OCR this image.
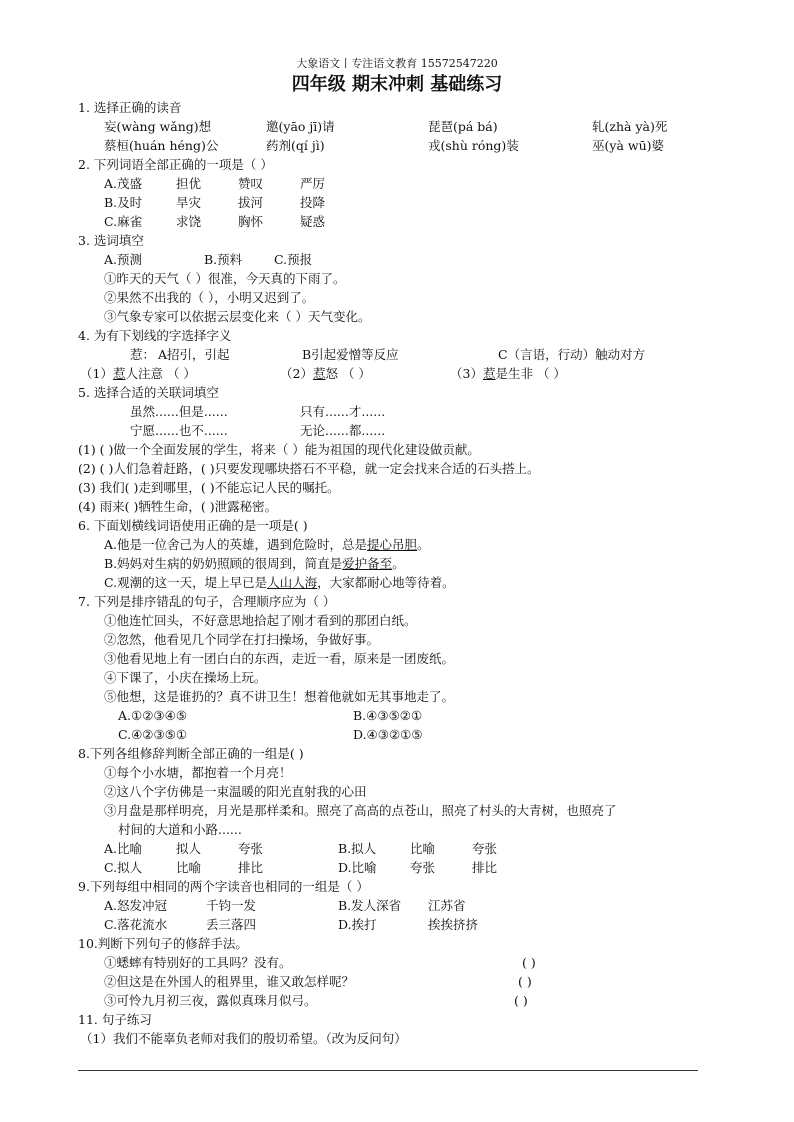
大象语文丨专注语文教育 15572547220
四年级 期末冲刺 基础练习
1. 选择正确的读音
妄(wàng wǎng)想	邀(yāo jī)请	琵琶(pá bá)	轧(zhà yà)死
蔡桓(huán héng)公	药剂(qí jì)	戎(shù róng)装	巫(yà wū)婆
2. 下列词语全部正确的一项是（ ）
A.茂盛	担优	赞叹	严厉
B.及时	旱灾	拔河	投降
C.麻雀	求饶	胸怀	疑惑
3. 选词填空
A.预测	B.预料	C.预报
①昨天的天气（ ）很准，今天真的下雨了。
②果然不出我的（ ），小明又迟到了。
③气象专家可以依据云层变化来（ ）天气变化。
4. 为有下划线的字选择字义
惹： A招引，引起	B引起爱憎等反应	C（言语，行动）触动对方
（1）惹人注意 （ ）	（2）惹怒 （ ）	（3）惹是生非 （ ）
5. 选择合适的关联词填空
虽然......但是......	只有......才......
宁愿......也不......	无论......都......
(1) ( )做一个全面发展的学生，将来（ ）能为祖国的现代化建设做贡献。
(2) ( )人们急着赶路，( )只要发现哪块搭石不平稳，就一定会找来合适的石头搭上。
(3) 我们( )走到哪里，( )不能忘记人民的嘱托。
(4) 雨来( )牺牲生命，( )泄露秘密。
6. 下面划横线词语使用正确的是一项是( )
A.他是一位舍己为人的英雄，遇到危险时，总是提心吊胆。
B.妈妈对生病的奶奶照顾的很周到，简直是爱护备至。
C.观潮的这一天，堤上早已是人山人海，大家都耐心地等待着。
7. 下列是排序错乱的句子，合理顺序应为（ ）
①他连忙回头，不好意思地拾起了刚才看到的那团白纸。
②忽然，他看见几个同学在打扫操场，争做好事。
③他看见地上有一团白白的东西，走近一看，原来是一团废纸。
④下课了，小庆在操场上玩。
⑤他想，这是谁扔的？真不讲卫生！想着他就如无其事地走了。
A.①②③④⑤	B.④③⑤②①
C.④②③⑤①	D.④③②①⑤
8.下列各组修辞判断全部正确的一组是( )
①每个小水塘，都抱着一个月亮！
②这八个字仿佛是一束温暖的阳光直射我的心田
③月盘是那样明亮，月光是那样柔和。照亮了高高的点苍山，照亮了村头的大青树，也照亮了
村间的大道和小路......
A.比喻	拟人	夸张	B.拟人	比喻	夸张
C.拟人	比喻	排比	D.比喻	夸张	排比
9.下列每组中相同的两个字读音也相同的一组是（ ）
A.怒发冲冠	千钧一发	B.发人深省 江苏省
C.落花流水	丢三落四	D.挨打	挨挨挤挤
10.判断下列句子的修辞手法。
①蟋蟀有特别好的工具吗？没有。	( )
②但这是在外国人的租界里，谁又敢怎样呢？	( )
③可怜九月初三夜，露似真珠月似弓。	( )
11. 句子练习
（1）我们不能辜负老师对我们的殷切希望。（改为反问句）
